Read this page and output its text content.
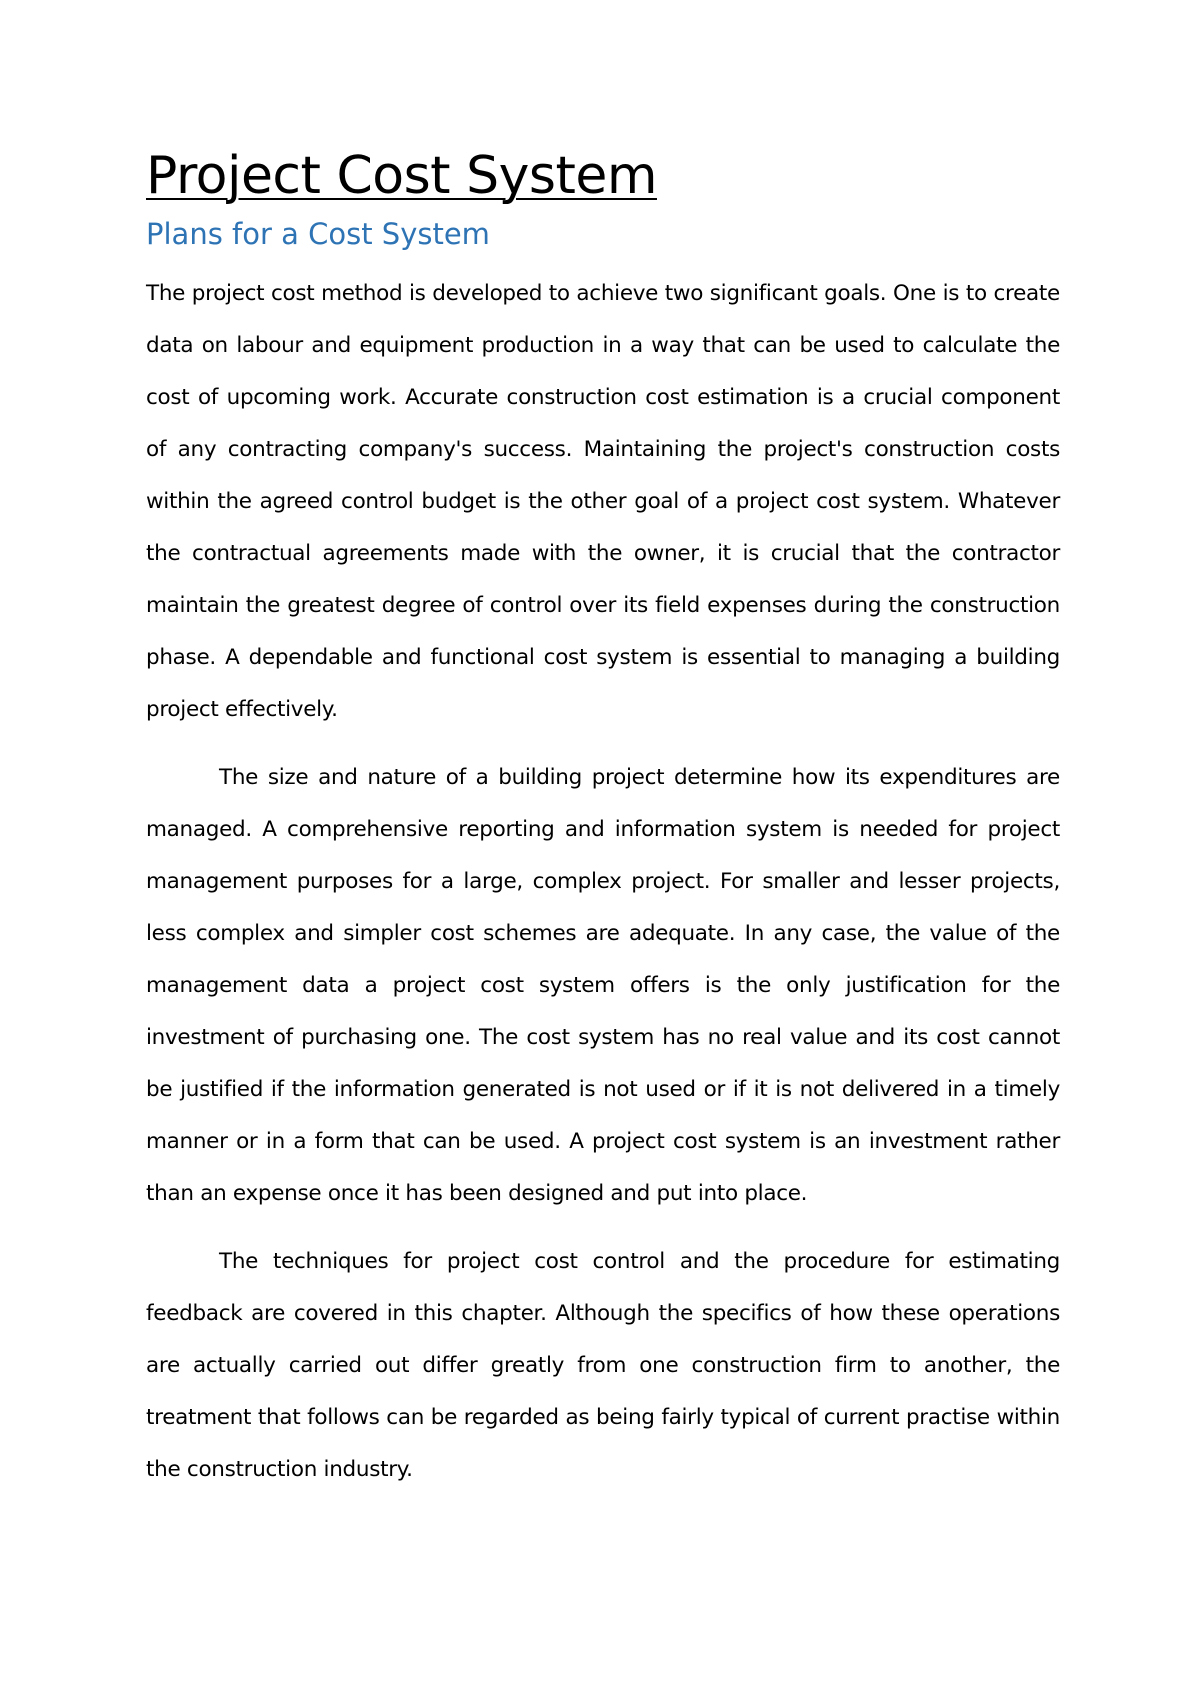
Project Cost System
Plans for a Cost System

The project cost method is developed to achieve two significant goals. One is to create data on labour and equipment production in a way that can be used to calculate the cost of upcoming work. Accurate construction cost estimation is a crucial component of any contracting company's success. Maintaining the project's construction costs within the agreed control budget is the other goal of a project cost system. Whatever the contractual agreements made with the owner, it is crucial that the contractor maintain the greatest degree of control over its field expenses during the construction phase. A dependable and functional cost system is essential to managing a building project effectively.

The size and nature of a building project determine how its expenditures are managed. A comprehensive reporting and information system is needed for project management purposes for a large, complex project. For smaller and lesser projects, less complex and simpler cost schemes are adequate. In any case, the value of the management data a project cost system offers is the only justification for the investment of purchasing one. The cost system has no real value and its cost cannot be justified if the information generated is not used or if it is not delivered in a timely manner or in a form that can be used. A project cost system is an investment rather than an expense once it has been designed and put into place.

The techniques for project cost control and the procedure for estimating feedback are covered in this chapter. Although the specifics of how these operations are actually carried out differ greatly from one construction firm to another, the treatment that follows can be regarded as being fairly typical of current practise within the construction industry.
